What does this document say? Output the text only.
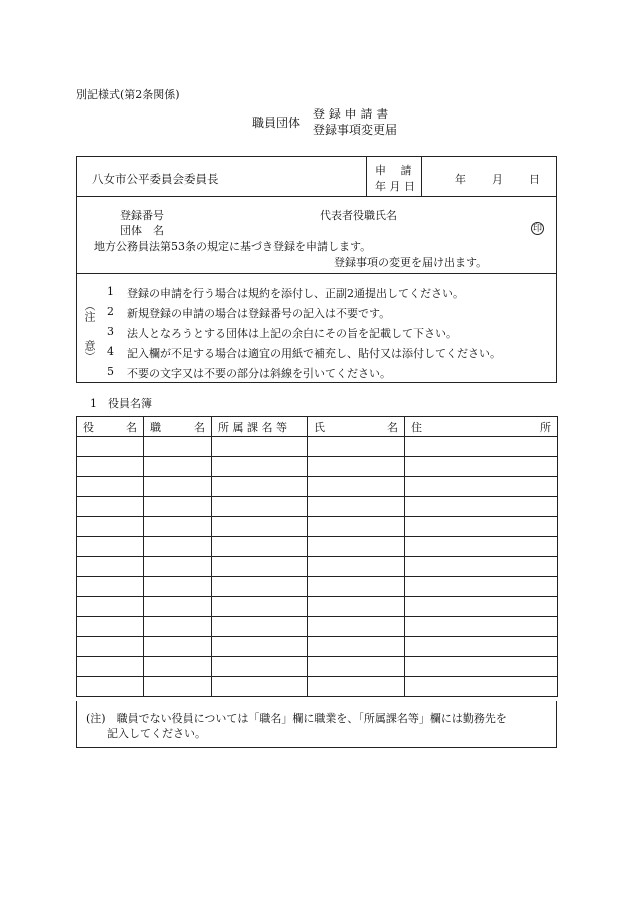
別記様式(第2条関係)
職員団体
登 録 申 請 書
登録事項変更届
八女市公平委員会委員長
申　 請
年 月 日
年 月 日
登録番号
団体　名
代表者役職氏名
印
地方公務員法第53条の規定に基づき登録を申請します。
登録事項の変更を届け出ます。
︵注
意︶
1 登録の申請を行う場合は規約を添付し、正副2通提出してください。
2 新規登録の申請の場合は登録番号の記入は不要です。
3 法人となろうとする団体は上記の余白にその旨を記載して下さい。
4 記入欄が不足する場合は適宜の用紙で補充し、貼付又は添付してください。
5 不要の文字又は不要の部分は斜線を引いてください。
1　役員名簿
役 名	職 名	所 属 課 名 等	氏 名	住 所

(注)　職員でない役員については「職名」欄に職業を、「所属課名等」欄には勤務先を
記入してください。
